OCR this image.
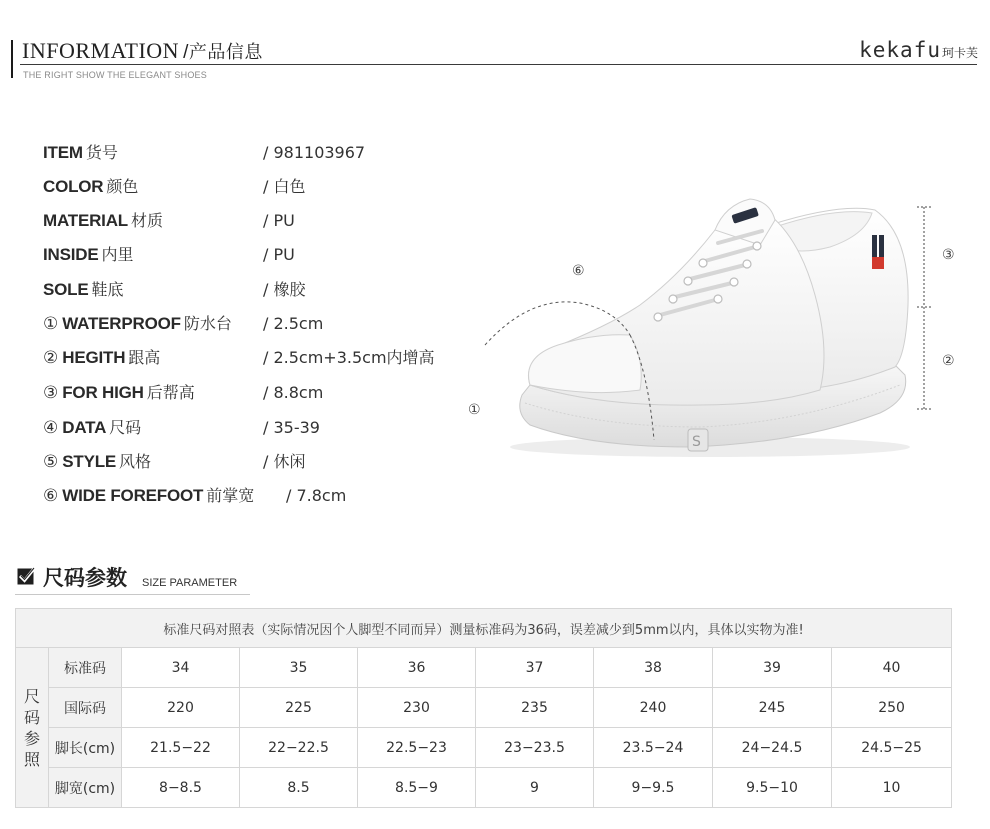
INFORMATION /产品信息
THE RIGHT SHOW THE ELEGANT SHOES
kekafu珂卡芙
ITEM 货号	/ 981103967
COLOR 颜色	/ 白色
MATERIAL 材质	/ PU
INSIDE 内里	/ PU
SOLE 鞋底	/ 橡胶
① WATERPROOF 防水台 / 2.5cm
② HEGITH 跟高	/ 2.5cm+3.5cm内增高
③ FOR HIGH 后帮高	/ 8.8cm
④ DATA 尺码	/ 35-39
⑤ STYLE 风格	/ 休闲
⑥ WIDE FOREFOOT 前掌宽 / 7.8cm
S
⑥
①
③
②
尺码参数 SIZE PARAMETER
标准尺码对照表（实际情况因个人脚型不同而异）测量标准码为36码，误差减少到5mm以内，具体以实物为准!								

尺
码
参
照	标准码	34	35	36	37	38	39	40
	国际码	220	225	230	235	240	245	250
	脚长(cm)	21.5−22	22−22.5	22.5−23	23−23.5	23.5−24	24−24.5	24.5−25
	脚宽(cm)	8−8.5	8.5	8.5−9	9	9−9.5	9.5−10	10
